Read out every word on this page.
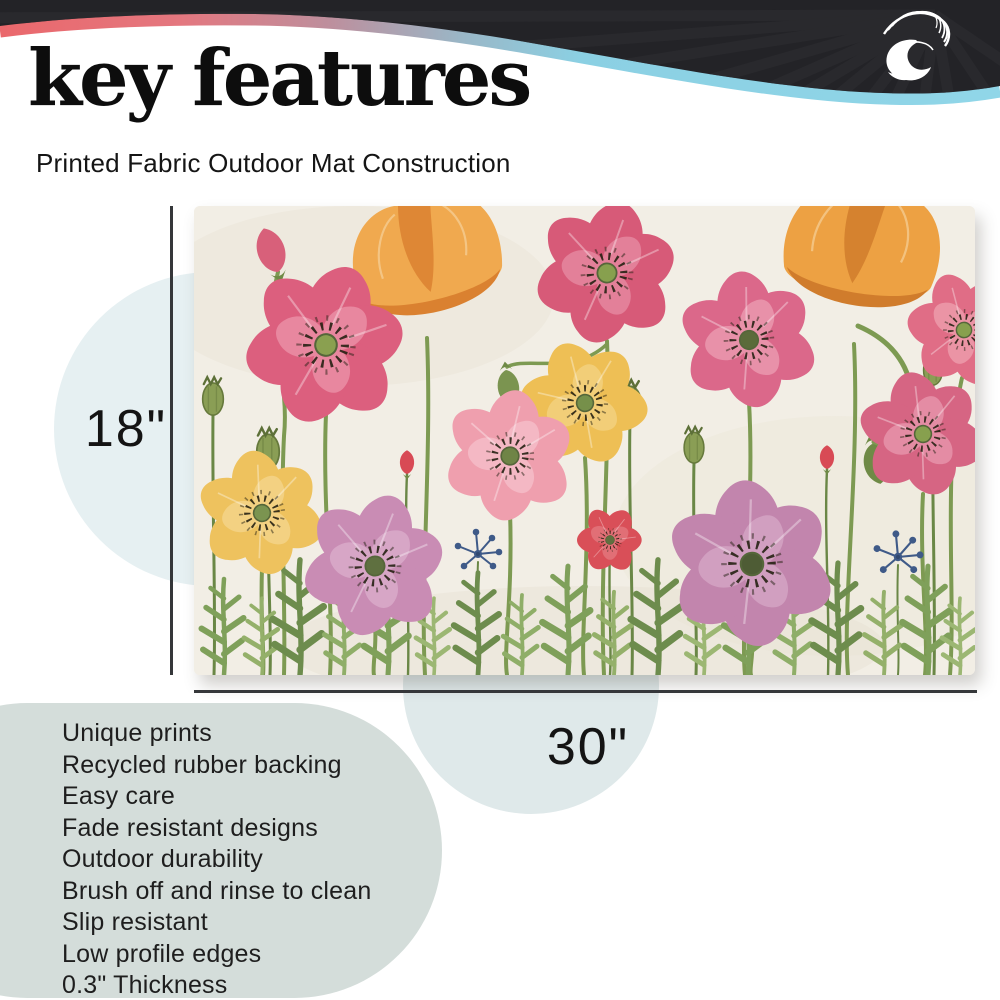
key features
Printed Fabric Outdoor Mat Construction
18"
30"
Unique prints
Recycled rubber backing
Easy care
Fade resistant designs
Outdoor durability
Brush off and rinse to clean
Slip resistant
Low profile edges
0.3" Thickness
